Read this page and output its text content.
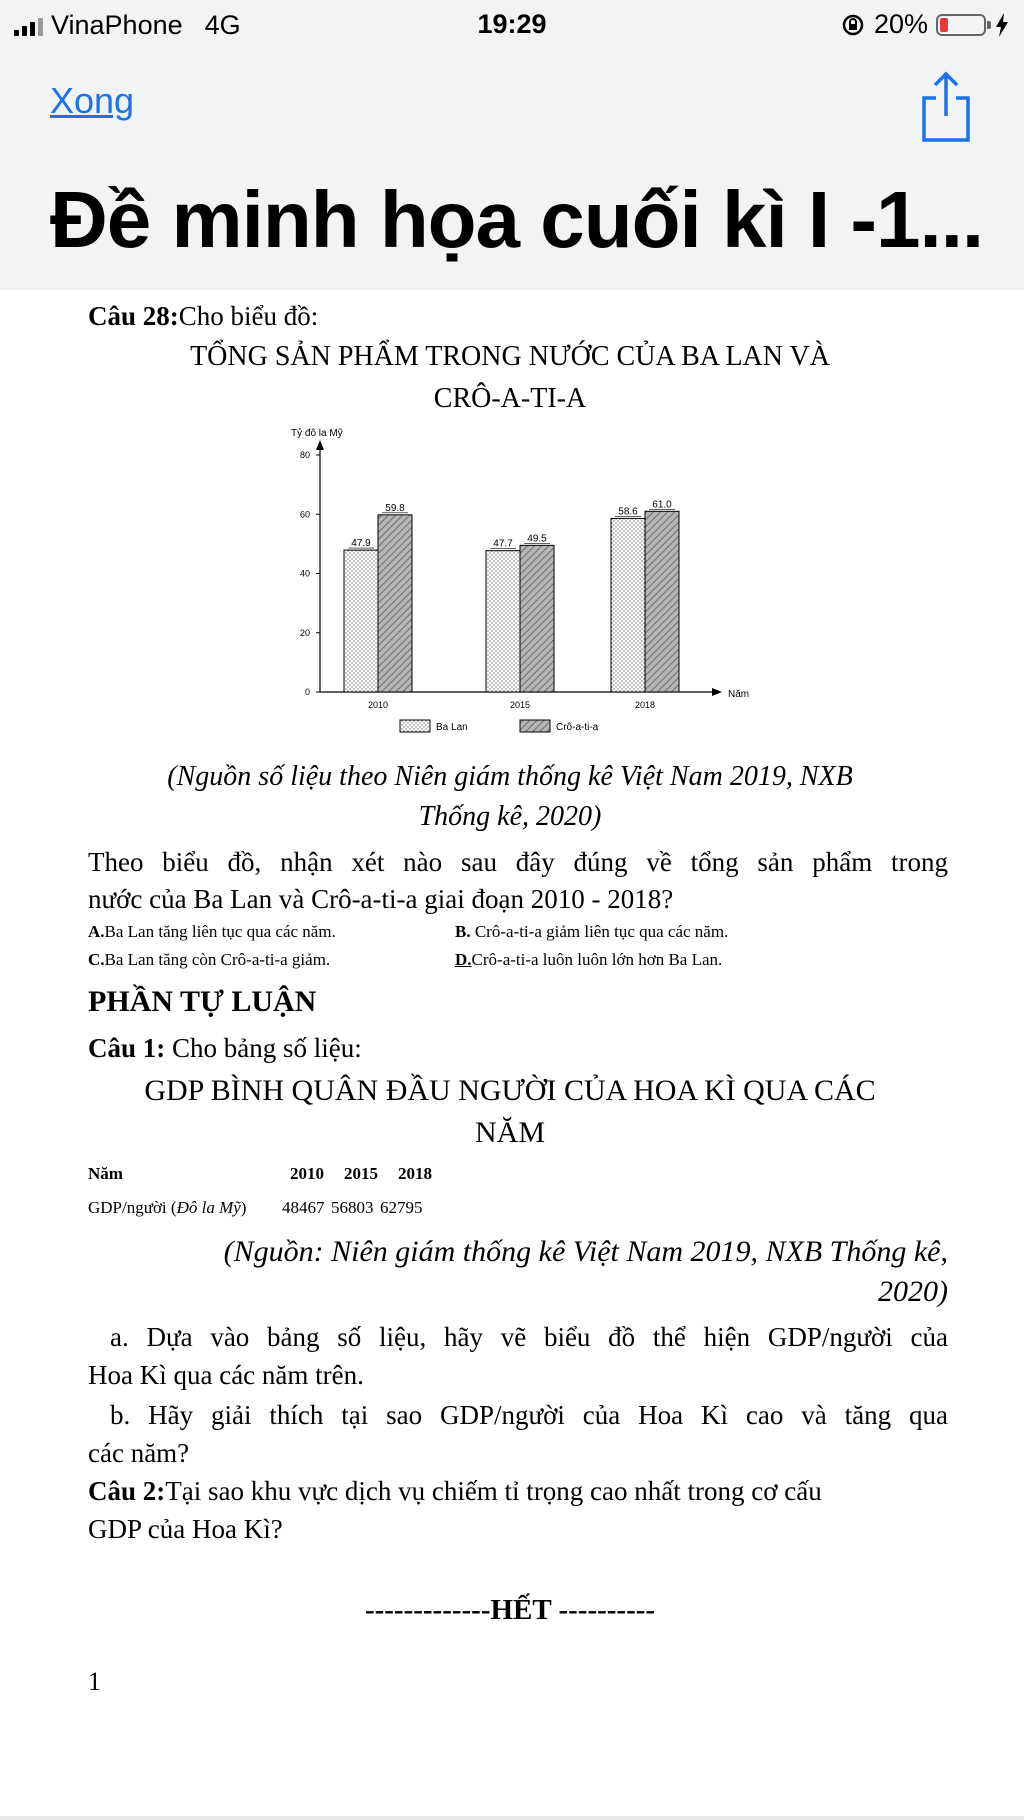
VinaPhone 4G	19:29	20%
Xong
Đề minh họa cuối kì I -1...
Câu 28:Cho biểu đồ:
TỔNG SẢN PHẨM TRONG NƯỚC CỦA BA LAN VÀ
CRÔ-A-TI-A
Tỷ đô la Mỹ
0
20
40
60
80
Năm
47.9
59.8
47.7 49.5
58.6
61.0
2010	2015	2018
Ba Lan	Crô-a-ti-a
(Nguồn số liệu theo Niên giám thống kê Việt Nam 2019, NXB
Thống kê, 2020)
Theo biểu đồ, nhận xét nào sau đây đúng về tổng sản phẩm trong
nước của Ba Lan và Crô-a-ti-a giai đoạn 2010 - 2018?
A.Ba Lan tăng liên tục qua các năm.	B. Crô-a-ti-a giảm liên tục qua các năm.
C.Ba Lan tăng còn Crô-a-ti-a giảm.	D.Crô-a-ti-a luôn luôn lớn hơn Ba Lan.
PHẦN TỰ LUẬN
Câu 1: Cho bảng số liệu:
GDP BÌNH QUÂN ĐẦU NGƯỜI CỦA HOA KÌ QUA CÁC
NĂM
Năm	2010 2015 2018
GDP/người (Đô la Mỹ) 48467 56803 62795
(Nguồn: Niên giám thống kê Việt Nam 2019, NXB Thống kê,
2020)
a. Dựa vào bảng số liệu, hãy vẽ biểu đồ thể hiện GDP/người của
Hoa Kì qua các năm trên.
b. Hãy giải thích tại sao GDP/người của Hoa Kì cao và tăng qua
các năm?
Câu 2:Tại sao khu vực dịch vụ chiếm tỉ trọng cao nhất trong cơ cấu
GDP của Hoa Kì?
-------------HẾT ----------
1
